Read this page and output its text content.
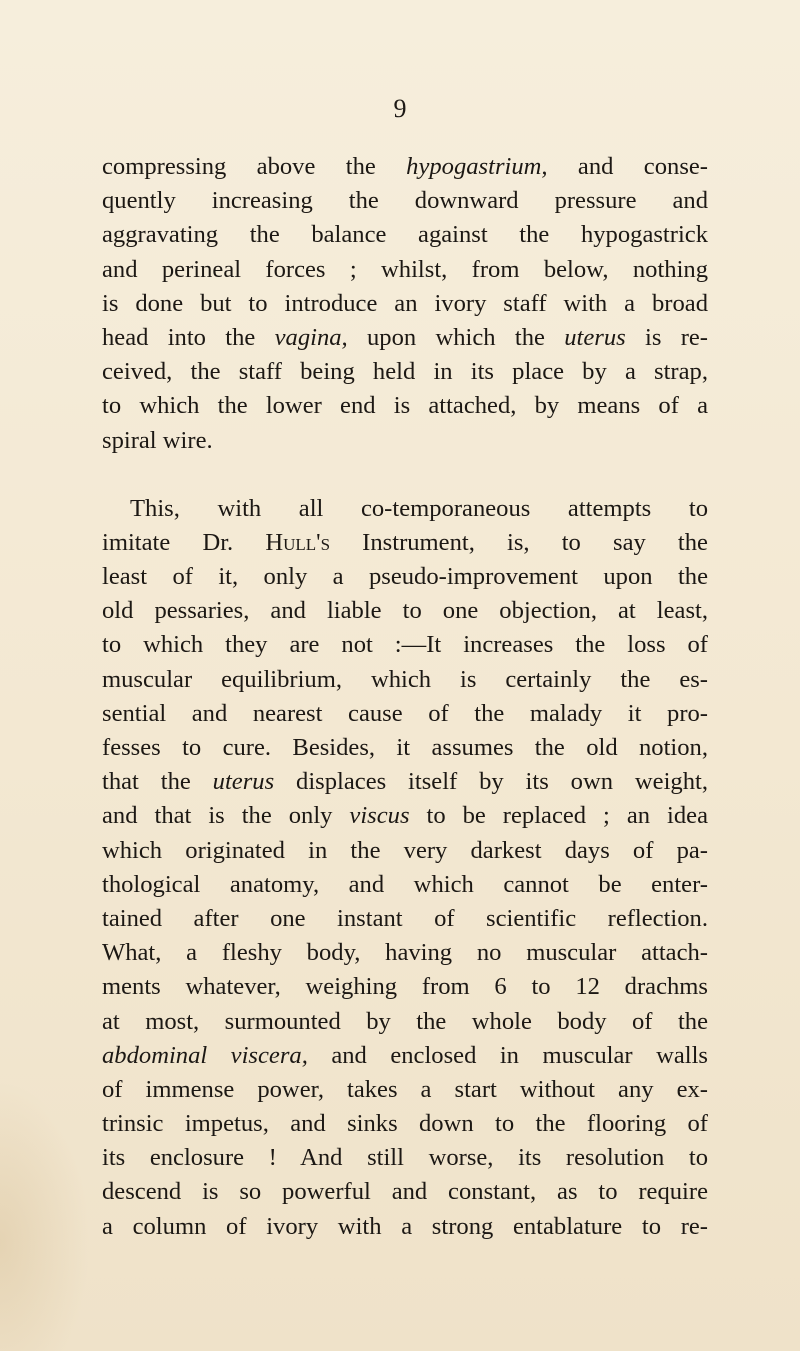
9
compressing above the hypogastrium, and conse-
quently increasing the downward pressure and
aggravating the balance against the hypogastrick
and perineal forces ; whilst, from below, nothing
is done but to introduce an ivory staff with a broad
head into the vagina, upon which the uterus is re-
ceived, the staff being held in its place by a strap,
to which the lower end is attached, by means of a
spiral wire.
This, with all co-temporaneous attempts to
imitate Dr. Hull's Instrument, is, to say the
least of it, only a pseudo-improvement upon the
old pessaries, and liable to one objection, at least,
to which they are not :—It increases the loss of
muscular equilibrium, which is certainly the es-
sential and nearest cause of the malady it pro-
fesses to cure. Besides, it assumes the old notion,
that the uterus displaces itself by its own weight,
and that is the only viscus to be replaced ; an idea
which originated in the very darkest days of pa-
thological anatomy, and which cannot be enter-
tained after one instant of scientific reflection.
What, a fleshy body, having no muscular attach-
ments whatever, weighing from 6 to 12 drachms
at most, surmounted by the whole body of the
abdominal viscera, and enclosed in muscular walls
of immense power, takes a start without any ex-
trinsic impetus, and sinks down to the flooring of
its enclosure ! And still worse, its resolution to
descend is so powerful and constant, as to require
a column of ivory with a strong entablature to re-
